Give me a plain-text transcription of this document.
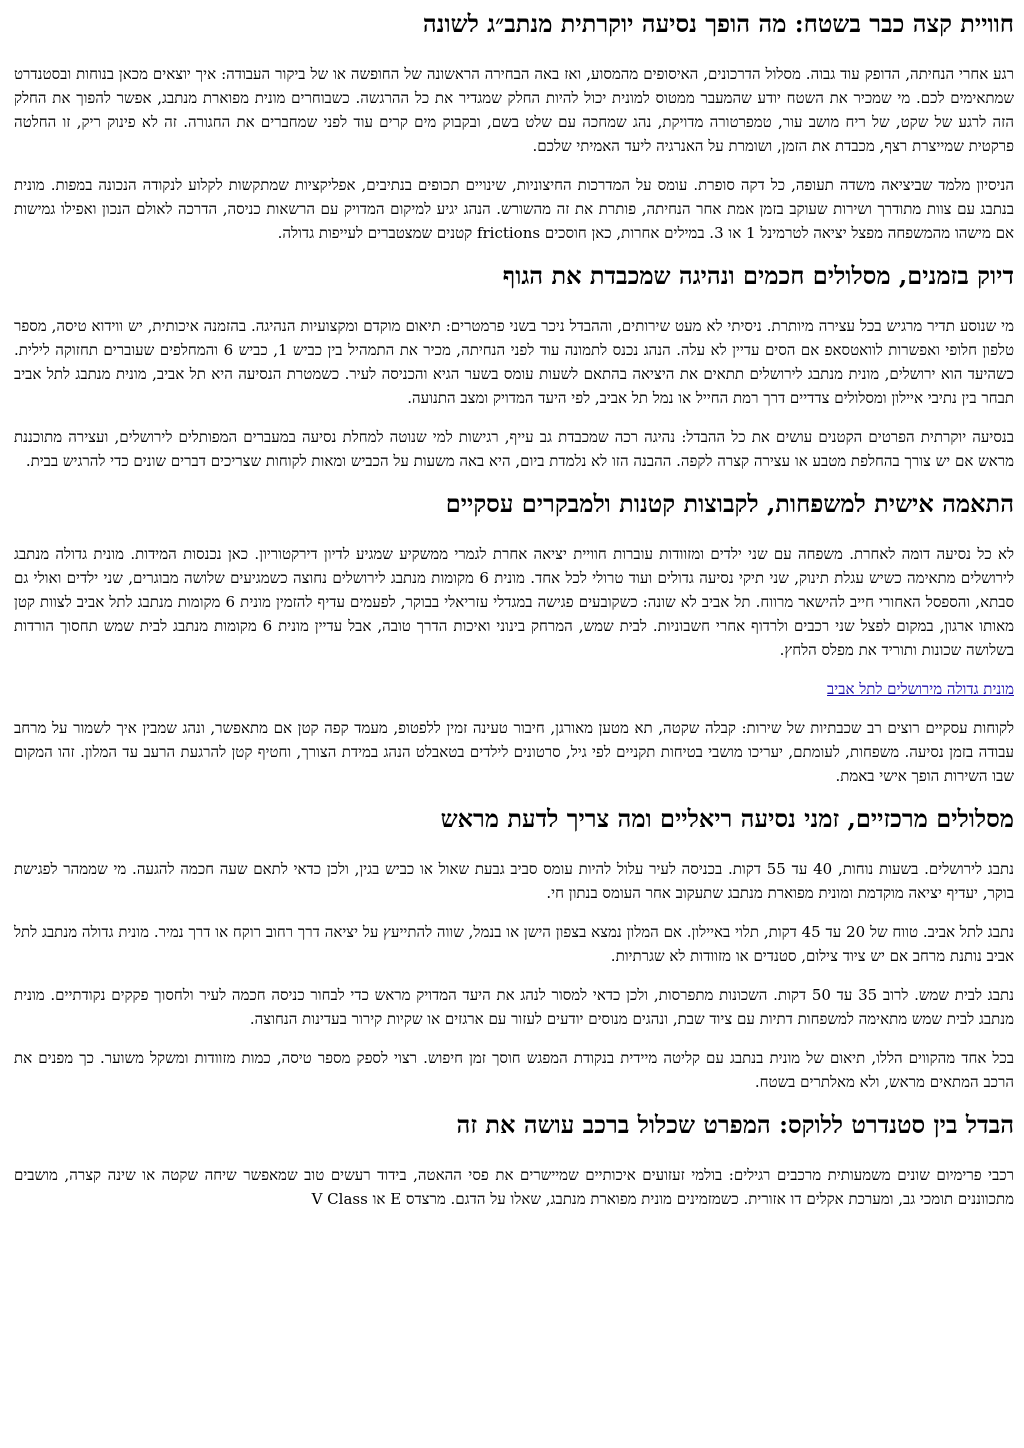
חוויית קצה כבר בשטח: מה הופך נסיעה יוקרתית מנתב״ג לשונה

רגע אחרי הנחיתה, הדופק עוד גבוה. מסלול הדרכונים, האיסופים מהמסוע, ואז באה הבחירה הראשונה של החופשה או של ביקור העבודה: איך יוצאים מכאן בנוחות ובסטנדרט שמתאימים לכם. מי שמכיר את השטח יודע שהמעבר ממטוס למונית יכול להיות החלק שמגדיר את כל ההרגשה. כשבוחרים מונית מפוארת מנתבג, אפשר להפוך את החלק הזה לרגע של שקט, של ריח מושב עור, טמפרטורה מדויקת, נהג שמחכה עם שלט בשם, ובקבוק מים קרים עוד לפני שמחברים את החגורה. זה לא פינוק ריק, זו החלטה פרקטית שמייצרת רצף, מכבדת את הזמן, ושומרת על האנרגיה ליעד האמיתי שלכם.

הניסיון מלמד שביציאה משדה תעופה, כל דקה סופרת. עומס על המדרכות החיצוניות, שינויים תכופים בנתיבים, אפליקציות שמתקשות לקלוע לנקודה הנכונה במפות. מונית בנתבג עם צוות מתודרך ושירות שעוקב בזמן אמת אחר הנחיתה, פותרת את זה מהשורש. הנהג יגיע למיקום המדויק עם הרשאות כניסה, הדרכה לאולם הנכון ואפילו גמישות אם מישהו מהמשפחה מפצל יציאה לטרמינל 1 או 3. במילים אחרות, כאן חוסכים frictions קטנים שמצטברים לעייפות גדולה.

דיוק בזמנים, מסלולים חכמים ונהיגה שמכבדת את הגוף

מי שנוסע תדיר מרגיש בכל עצירה מיותרת. ניסיתי לא מעט שירותים, וההבדל ניכר בשני פרמטרים: תיאום מוקדם ומקצועיות הנהיגה. בהזמנה איכותית, יש ווידוא טיסה, מספר טלפון חלופי ואפשרות לוואטסאפ אם הסים עדיין לא עלה. הנהג נכנס לתמונה עוד לפני הנחיתה, מכיר את התמהיל בין כביש 1, כביש 6 והמחלפים שעוברים תחזוקה לילית. כשהיעד הוא ירושלים, מונית מנתבג לירושלים תתאים את היציאה בהתאם לשעות עומס בשער הגיא והכניסה לעיר. כשמטרת הנסיעה היא תל אביב, מונית מנתבג לתל אביב תבחר בין נתיבי איילון ומסלולים צדדיים דרך רמת החייל או נמל תל אביב, לפי היעד המדויק ומצב התנועה.

בנסיעה יוקרתית הפרטים הקטנים עושים את כל ההבדל: נהיגה רכה שמכבדת גב עייף, רגישות למי שנוטה למחלת נסיעה במעברים המפותלים לירושלים, ועצירה מתוכננת מראש אם יש צורך בהחלפת מטבע או עצירה קצרה לקפה. ההבנה הזו לא נלמדת ביום, היא באה משעות על הכביש ומאות לקוחות שצריכים דברים שונים כדי להרגיש בבית.

התאמה אישית למשפחות, לקבוצות קטנות ולמבקרים עסקיים

לא כל נסיעה דומה לאחרת. משפחה עם שני ילדים ומזוודות עוברות חוויית יציאה אחרת לגמרי ממשקיע שמגיע לדיון דירקטוריון. כאן נכנסות המידות. מונית גדולה מנתבג לירושלים מתאימה כשיש עגלת תינוק, שני תיקי נסיעה גדולים ועוד טרולי לכל אחד. מונית 6 מקומות מנתבג לירושלים נחוצה כשמגיעים שלושה מבוגרים, שני ילדים ואולי גם סבתא, והספסל האחורי חייב להישאר מרווח. תל אביב לא שונה: כשקובעים פגישה במגדלי עזריאלי בבוקר, לפעמים עדיף להזמין מונית 6 מקומות מנתבג לתל אביב לצוות קטן מאותו ארגון, במקום לפצל שני רכבים ולרדוף אחרי חשבוניות. לבית שמש, המרחק בינוני ואיכות הדרך טובה, אבל עדיין מונית 6 מקומות מנתבג לבית שמש תחסוך הורדות בשלושה שכונות ותוריד את מפלס הלחץ.

מונית גדולה מירושלים לתל אביב

לקוחות עסקיים רוצים רב שכבתיות של שירות: קבלה שקטה, תא מטען מאורגן, חיבור טעינה זמין ללפטופ, מעמד קפה קטן אם מתאפשר, ונהג שמבין איך לשמור על מרחב עבודה בזמן נסיעה. משפחות, לעומתם, יעריכו מושבי בטיחות תקניים לפי גיל, סרטונים לילדים בטאבלט הנהג במידת הצורך, וחטיף קטן להרגעת הרעב עד המלון. זהו המקום שבו השירות הופך אישי באמת.

מסלולים מרכזיים, זמני נסיעה ריאליים ומה צריך לדעת מראש

נתבג לירושלים. בשעות נוחות, 40 עד 55 דקות. בכניסה לעיר עלול להיות עומס סביב גבעת שאול או כביש בגין, ולכן כדאי לתאם שעה חכמה להגעה. מי שממהר לפגישת בוקר, יעדיף יציאה מוקדמת ומונית מפוארת מנתבג שתעקוב אחר העומס בנתון חי.

נתבג לתל אביב. טווח של 20 עד 45 דקות, תלוי באיילון. אם המלון נמצא בצפון הישן או בנמל, שווה להתייעץ על יציאה דרך רחוב רוקח או דרך נמיר. מונית גדולה מנתבג לתל אביב נותנת מרחב אם יש ציוד צילום, סטנדים או מזוודות לא שגרתיות.

נתבג לבית שמש. לרוב 35 עד 50 דקות. השכונות מתפרסות, ולכן כדאי למסור לנהג את היעד המדויק מראש כדי לבחור כניסה חכמה לעיר ולחסוך פקקים נקודתיים. מונית מנתבג לבית שמש מתאימה למשפחות דתיות עם ציוד שבת, ונהגים מנוסים יודעים לעזור עם ארגזים או שקיות קירור בעדינות הנחוצה.

בכל אחד מהקווים הללו, תיאום של מונית בנתבג עם קליטה מיידית בנקודת המפגש חוסך זמן חיפוש. רצוי לספק מספר טיסה, כמות מזוודות ומשקל משוער. כך מפנים את הרכב המתאים מראש, ולא מאלתרים בשטח.

הבדל בין סטנדרט ללוקס: המפרט שכלול ברכב עושה את זה

רכבי פרימיום שונים משמעותית מרכבים רגילים: בולמי זעזועים איכותיים שמיישרים את פסי ההאטה, בידוד רעשים טוב שמאפשר שיחה שקטה או שינה קצרה, מושבים מתכווננים תומכי גב, ומערכת אקלים דו אזורית. כשמזמינים מונית מפוארת מנתבג, שאלו על הדגם. מרצדס E או V Class
